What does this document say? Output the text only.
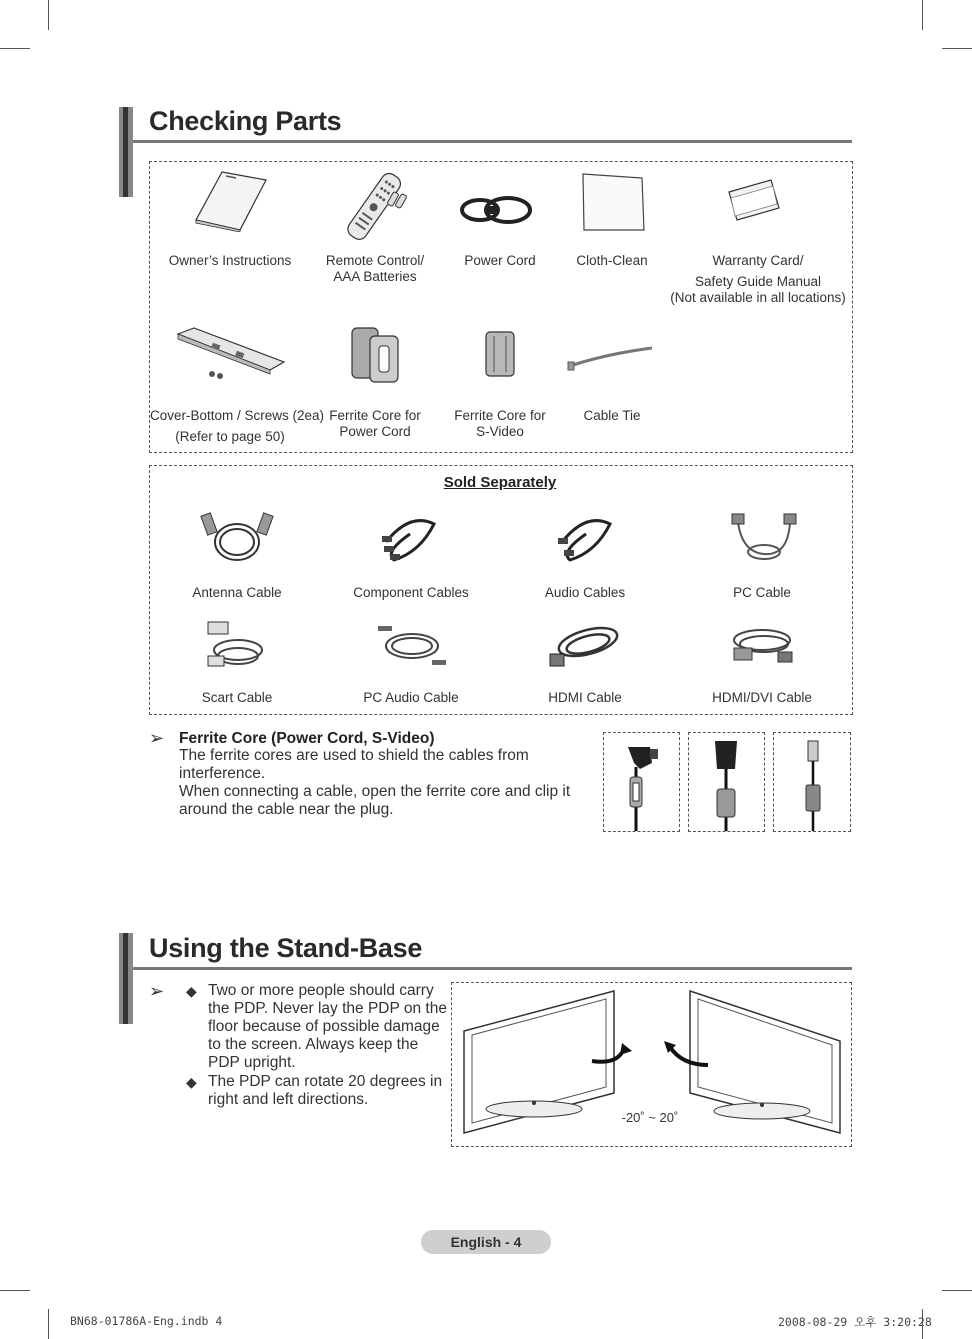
Checking Parts
Owner’s Instructions	Remote Control/
AAA Batteries
Power Cord	Cloth-Clean	Warranty Card/
Safety Guide Manual
(Not available in all locations)
Cover-Bottom / Screws (2ea)
(Refer to page 50)
Ferrite Core for
Power Cord
Ferrite Core for
S-Video
Cable Tie
Sold Separately
Antenna Cable	Component Cables	Audio Cables	PC Cable
Scart Cable	PC Audio Cable	HDMI Cable	HDMI/DVI Cable
➢ Ferrite Core (Power Cord, S-Video)
The ferrite cores are used to shield the cables from
interference.
When connecting a cable, open the ferrite core and clip it
around the cable near the plug.
Using the Stand-Base
➢ ◆ Two or more people should carry
the PDP. Never lay the PDP on the
floor because of possible damage
to the screen. Always keep the
PDP upright.
◆ The PDP can rotate 20 degrees in
right and left directions.
-20˚ ~ 20˚
English - 4
BN68-01786A-Eng.indb 4	2008-08-29 오후 3:20:28
